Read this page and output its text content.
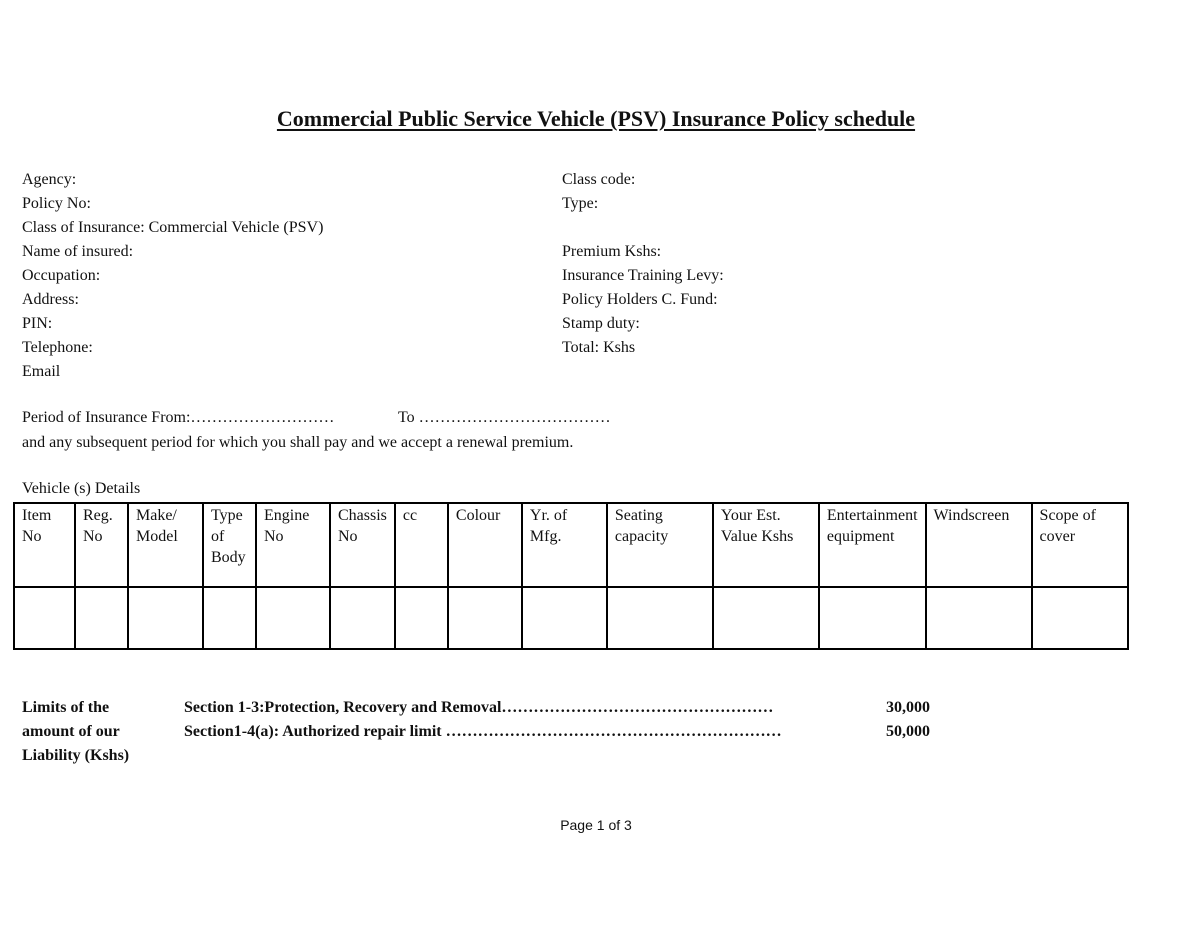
Commercial Public Service Vehicle (PSV) Insurance Policy schedule
Agency:
Policy No:
Class of Insurance: Commercial Vehicle (PSV)
Name of insured:
Occupation:
Address:
PIN:
Telephone:
Email
Class code:
Type:
Premium Kshs:
Insurance Training Levy:
Policy Holders C. Fund:
Stamp duty:
Total: Kshs
Period of Insurance From:………………………	To ………………………………
and any subsequent period for which you shall pay and we accept a renewal premium.
Vehicle (s) Details
Item No	Reg. No	Make/ Model	Type of Body	Engine No	Chassis No	cc	Colour	Yr. of Mfg.	Seating capacity	Your Est. Value Kshs	Entertainment equipment	Windscreen	Scope of cover

Limits of the
amount of our
Liability (Kshs)
Section 1-3:Protection, Recovery and Removal……………………………………………	30,000
Section1-4(a): Authorized repair limit ………………………………………………………	50,000
Page 1 of 3
